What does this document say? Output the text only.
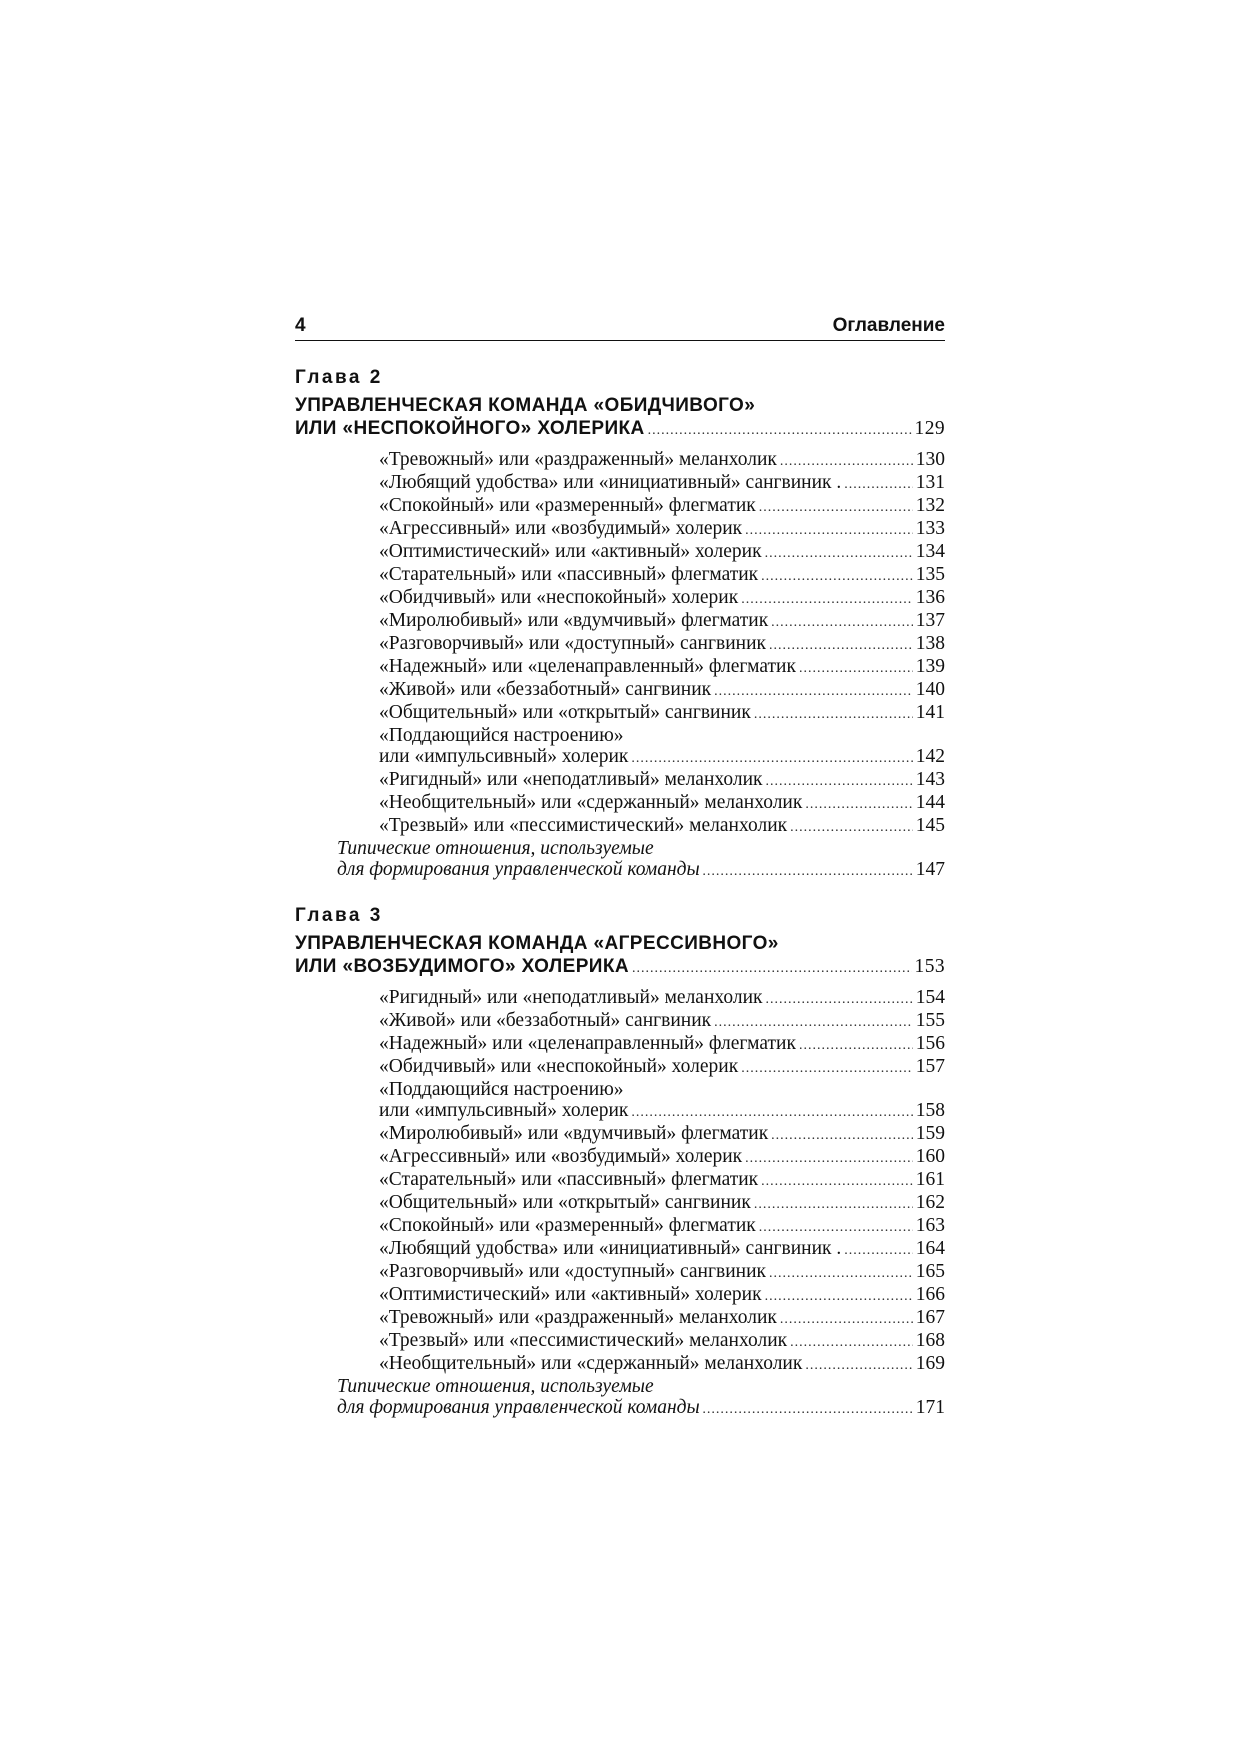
4	Оглавление
Глава 2
УПРАВЛЕНЧЕСКАЯ КОМАНДА «ОБИДЧИВОГО»
ИЛИ «НЕСПОКОЙНОГО» ХОЛЕРИКА .....	129
«Тревожный» или «раздраженный» меланхолик .....	130
«Любящий удобства» или «инициативный» сангвиник . .....	131
«Спокойный» или «размеренный» флегматик .....	132
«Агрессивный» или «возбудимый» холерик .....	133
«Оптимистический» или «активный» холерик .....	134
«Старательный» или «пассивный» флегматик .....	135
«Обидчивый» или «неспокойный» холерик .....	136
«Миролюбивый» или «вдумчивый» флегматик .....	137
«Разговорчивый» или «доступный» сангвиник .....	138
«Надежный» или «целенаправленный» флегматик .....	139
«Живой» или «беззаботный» сангвиник .....	140
«Общительный» или «открытый» сангвиник .....	141
«Поддающийся настроению»
или «импульсивный» холерик .....	142
«Ригидный» или «неподатливый» меланхолик .....	143
«Необщительный» или «сдержанный» меланхолик .....	144
«Трезвый» или «пессимистический» меланхолик .....	145
Типические отношения, используемые
для формирования управленческой команды .....	147
Глава 3
УПРАВЛЕНЧЕСКАЯ КОМАНДА «АГРЕССИВНОГО»
ИЛИ «ВОЗБУДИМОГО» ХОЛЕРИКА .....	153
«Ригидный» или «неподатливый» меланхолик .....	154
«Живой» или «беззаботный» сангвиник .....	155
«Надежный» или «целенаправленный» флегматик .....	156
«Обидчивый» или «неспокойный» холерик .....	157
«Поддающийся настроению»
или «импульсивный» холерик .....	158
«Миролюбивый» или «вдумчивый» флегматик .....	159
«Агрессивный» или «возбудимый» холерик .....	160
«Старательный» или «пассивный» флегматик .....	161
«Общительный» или «открытый» сангвиник .....	162
«Спокойный» или «размеренный» флегматик .....	163
«Любящий удобства» или «инициативный» сангвиник . .....	164
«Разговорчивый» или «доступный» сангвиник .....	165
«Оптимистический» или «активный» холерик .....	166
«Тревожный» или «раздраженный» меланхолик .....	167
«Трезвый» или «пессимистический» меланхолик .....	168
«Необщительный» или «сдержанный» меланхолик .....	169
Типические отношения, используемые
для формирования управленческой команды .....	171
